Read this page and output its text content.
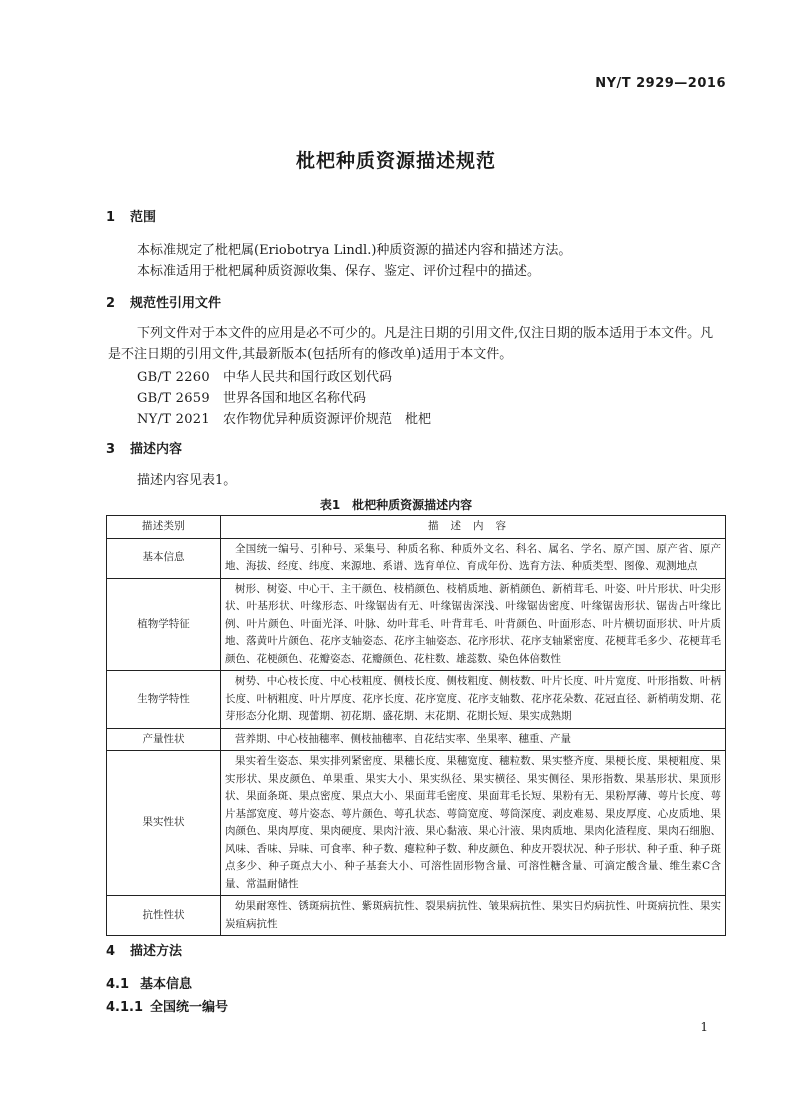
NY/T 2929—2016
枇杷种质资源描述规范
1 范围
本标准规定了枇杷属(Eriobotrya Lindl.)种质资源的描述内容和描述方法。
本标准适用于枇杷属种质资源收集、保存、鉴定、评价过程中的描述。
2 规范性引用文件
下列文件对于本文件的应用是必不可少的。凡是注日期的引用文件,仅注日期的版本适用于本文件。凡是不注日期的引用文件,其最新版本(包括所有的修改单)适用于本文件。
GB/T 2260 中华人民共和国行政区划代码
GB/T 2659 世界各国和地区名称代码
NY/T 2021 农作物优异种质资源评价规范　枇杷
3 描述内容
描述内容见表1。
表1　枇杷种质资源描述内容
描述类别	描述内容
基本信息	全国统一编号、引种号、采集号、种质名称、种质外文名、科名、属名、学名、原产国、原产省、原产地、海拔、经度、纬度、来源地、系谱、选育单位、育成年份、选育方法、种质类型、图像、观测地点
植物学特征	树形、树姿、中心干、主干颜色、枝梢颜色、枝梢质地、新梢颜色、新梢茸毛、叶姿、叶片形状、叶尖形状、叶基形状、叶缘形态、叶缘锯齿有无、叶缘锯齿深浅、叶缘锯齿密度、叶缘锯齿形状、锯齿占叶缘比例、叶片颜色、叶面光泽、叶脉、幼叶茸毛、叶背茸毛、叶背颜色、叶面形态、叶片横切面形状、叶片质地、落黄叶片颜色、花序支轴姿态、花序主轴姿态、花序形状、花序支轴紧密度、花梗茸毛多少、花梗茸毛颜色、花梗颜色、花瓣姿态、花瓣颜色、花柱数、雄蕊数、染色体倍数性
生物学特性	树势、中心枝长度、中心枝粗度、侧枝长度、侧枝粗度、侧枝数、叶片长度、叶片宽度、叶形指数、叶柄长度、叶柄粗度、叶片厚度、花序长度、花序宽度、花序支轴数、花序花朵数、花冠直径、新梢萌发期、花芽形态分化期、现蕾期、初花期、盛花期、末花期、花期长短、果实成熟期
产量性状	营养期、中心枝抽穗率、侧枝抽穗率、自花结实率、坐果率、穗重、产量
果实性状	果实着生姿态、果实排列紧密度、果穗长度、果穗宽度、穗粒数、果实整齐度、果梗长度、果梗粗度、果实形状、果皮颜色、单果重、果实大小、果实纵径、果实横径、果实侧径、果形指数、果基形状、果顶形状、果面条斑、果点密度、果点大小、果面茸毛密度、果面茸毛长短、果粉有无、果粉厚薄、萼片长度、萼片基部宽度、萼片姿态、萼片颜色、萼孔状态、萼筒宽度、萼筒深度、剥皮难易、果皮厚度、心皮质地、果肉颜色、果肉厚度、果肉硬度、果肉汁液、果心黏液、果心汁液、果肉质地、果肉化渣程度、果肉石细胞、风味、香味、异味、可食率、种子数、瘪粒种子数、种皮颜色、种皮开裂状况、种子形状、种子重、种子斑点多少、种子斑点大小、种子基套大小、可溶性固形物含量、可溶性糖含量、可滴定酸含量、维生素C含量、常温耐储性
抗性性状	幼果耐寒性、锈斑病抗性、紫斑病抗性、裂果病抗性、皱果病抗性、果实日灼病抗性、叶斑病抗性、果实炭疽病抗性
4 描述方法
4.1 基本信息
4.1.1 全国统一编号
1
